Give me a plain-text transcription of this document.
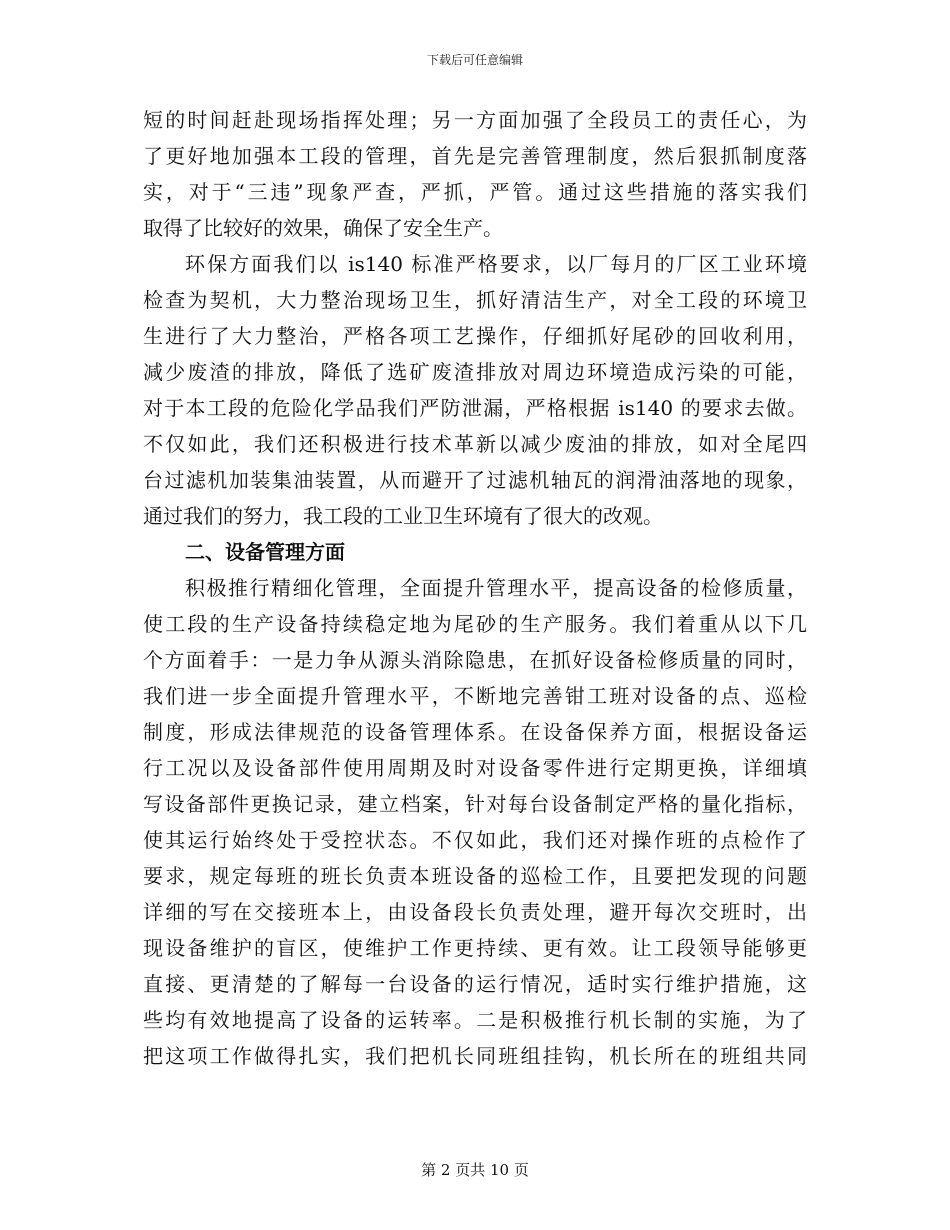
下载后可任意编辑
短的时间赶赴现场指挥处理；另一方面加强了全段员工的责任心，为
了更好地加强本工段的管理，首先是完善管理制度，然后狠抓制度落
实，对于“三违”现象严查，严抓，严管。通过这些措施的落实我们
取得了比较好的效果，确保了安全生产。
环保方面我们以 is140 标准严格要求，以厂每月的厂区工业环境
检查为契机，大力整治现场卫生，抓好清洁生产，对全工段的环境卫
生进行了大力整治，严格各项工艺操作，仔细抓好尾砂的回收利用，
减少废渣的排放，降低了选矿废渣排放对周边环境造成污染的可能，
对于本工段的危险化学品我们严防泄漏，严格根据 is140 的要求去做。
不仅如此，我们还积极进行技术革新以减少废油的排放，如对全尾四
台过滤机加装集油装置，从而避开了过滤机轴瓦的润滑油落地的现象，
通过我们的努力，我工段的工业卫生环境有了很大的改观。
二、设备管理方面
积极推行精细化管理，全面提升管理水平，提高设备的检修质量，
使工段的生产设备持续稳定地为尾砂的生产服务。我们着重从以下几
个方面着手：一是力争从源头消除隐患，在抓好设备检修质量的同时，
我们进一步全面提升管理水平，不断地完善钳工班对设备的点、巡检
制度，形成法律规范的设备管理体系。在设备保养方面，根据设备运
行工况以及设备部件使用周期及时对设备零件进行定期更换，详细填
写设备部件更换记录，建立档案，针对每台设备制定严格的量化指标，
使其运行始终处于受控状态。不仅如此，我们还对操作班的点检作了
要求，规定每班的班长负责本班设备的巡检工作，且要把发现的问题
详细的写在交接班本上，由设备段长负责处理，避开每次交班时，出
现设备维护的盲区，使维护工作更持续、更有效。让工段领导能够更
直接、更清楚的了解每一台设备的运行情况，适时实行维护措施，这
些均有效地提高了设备的运转率。二是积极推行机长制的实施，为了
把这项工作做得扎实，我们把机长同班组挂钩，机长所在的班组共同
第 2 页共 10 页
